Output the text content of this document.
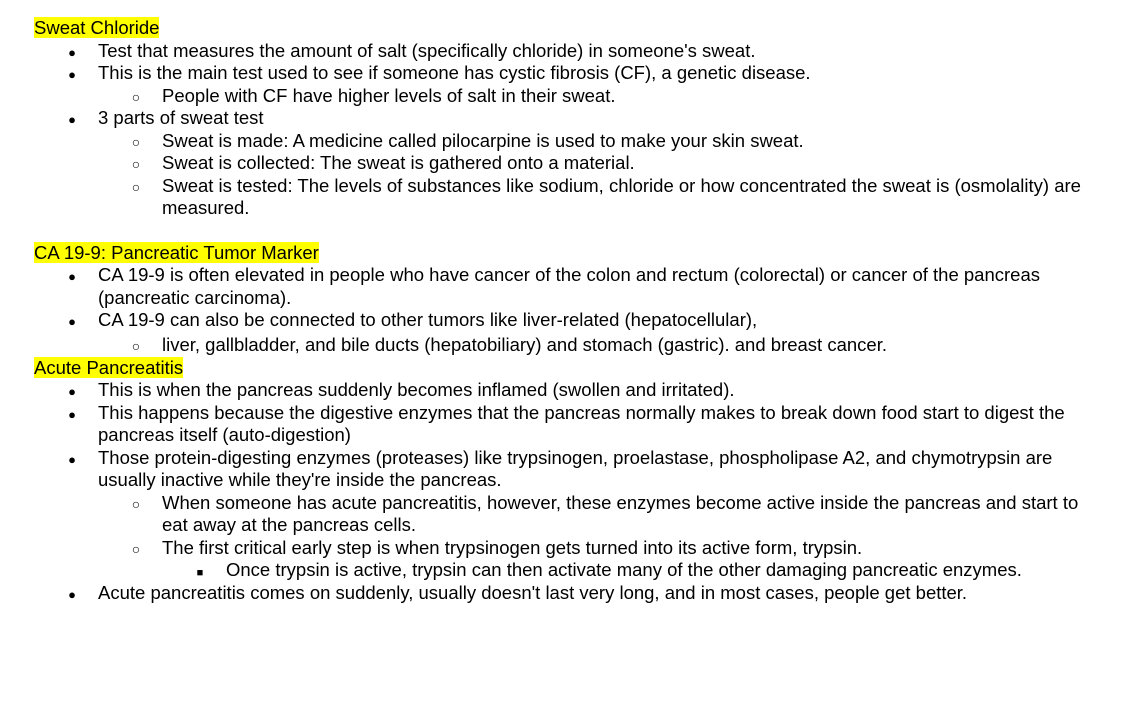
Sweat Chloride
●
Test that measures the amount of salt (specifically chloride) in someone's sweat.
●
This is the main test used to see if someone has cystic fibrosis (CF), a genetic disease.
○
People with CF have higher levels of salt in their sweat.
●
3 parts of sweat test
○
Sweat is made: A medicine called pilocarpine is used to make your skin sweat.
○
Sweat is collected: The sweat is gathered onto a material.
○
Sweat is tested: The levels of substances like sodium, chloride or how concentrated the sweat is (osmolality) are measured.
CA 19-9: Pancreatic Tumor Marker
●
CA 19-9 is often elevated in people who have cancer of the colon and rectum (colorectal) or cancer of the pancreas (pancreatic carcinoma).
●
CA 19-9 can also be connected to other tumors like liver-related (hepatocellular),
○
liver, gallbladder, and bile ducts (hepatobiliary) and stomach (gastric). and breast cancer.
Acute Pancreatitis
●
This is when the pancreas suddenly becomes inflamed (swollen and irritated).
●
This happens because the digestive enzymes that the pancreas normally makes to break down food start to digest the pancreas itself (auto-digestion)
●
Those protein-digesting enzymes (proteases) like trypsinogen, proelastase, phospholipase A2, and chymotrypsin are usually inactive while they're inside the pancreas.
○
When someone has acute pancreatitis, however, these enzymes become active inside the pancreas and start to eat away at the pancreas cells.
○
The first critical early step is when trypsinogen gets turned into its active form, trypsin.
■
Once trypsin is active, trypsin can then activate many of the other damaging pancreatic enzymes.
●
Acute pancreatitis comes on suddenly, usually doesn't last very long, and in most cases, people get better.
